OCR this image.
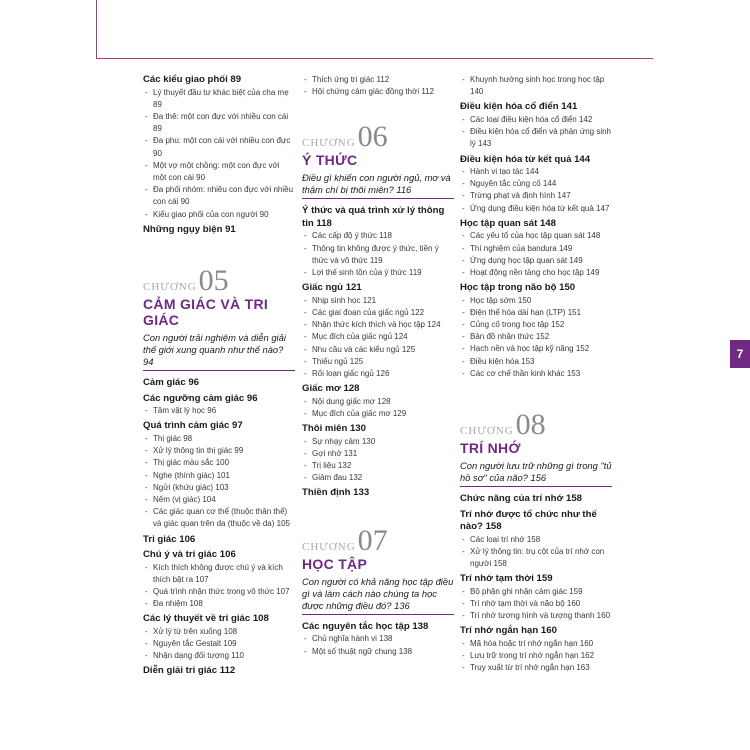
7
Các kiểu giao phối 89
- Lý thuyết đầu tư khác biệt của cha mẹ 89
- Đa thê: một con đực với nhiều con cái 89
- Đa phu: một con cái với nhiều con đực 90
- Một vợ một chồng: một con đực với một con cái 90
- Đa phối nhóm: nhiều con đực với nhiều con cái 90
- Kiểu giao phối của con người 90
Những ngụy biện 91
CHƯƠNG05
CẢM GIÁC VÀ TRI GIÁC
Con người trải nghiệm và diễn giải thế giới xung quanh như thế nào? 94
Cảm giác 96
Các ngưỡng cảm giác 96
- Tâm vật lý học 96
Quá trình cảm giác 97
- Thị giác 98
- Xử lý thông tin thị giác 99
- Thị giác màu sắc 100
- Nghe (thính giác) 101
- Ngửi (khứu giác) 103
- Nếm (vị giác) 104
- Các giác quan cơ thể (thuộc thân thể) và giác quan trên da (thuộc về da) 105
Tri giác 106
Chú ý và tri giác 106
- Kích thích không được chú ý và kích thích bật ra 107
- Quá trình nhận thức trong vô thức 107
- Đa nhiệm 108
Các lý thuyết về tri giác 108
- Xử lý từ trên xuống 108
- Nguyên tắc Gestalt 109
- Nhận dạng đối tượng 110
Diễn giải tri giác 112
- Thích ứng tri giác 112
- Hội chứng cảm giác đồng thời 112
CHƯƠNG06
Ý THỨC
Điều gì khiến con người ngủ, mơ và thậm chí bị thôi miên? 116
Ý thức và quá trình xử lý thông tin 118
- Các cấp độ ý thức 118
- Thông tin không được ý thức, tiền ý thức và vô thức 119
- Lợi thế sinh tồn của ý thức 119
Giấc ngủ 121
- Nhịp sinh học 121
- Các giai đoạn của giấc ngủ 122
- Nhận thức kích thích và học tập 124
- Mục đích của giấc ngủ 124
- Nhu cầu và các kiểu ngủ 125
- Thiếu ngủ 125
- Rối loạn giấc ngủ 126
Giấc mơ 128
- Nội dung giấc mơ 128
- Mục đích của giấc mơ 129
Thôi miên 130
- Sự nhạy cảm 130
- Gợi nhớ 131
- Trị liệu 132
- Giảm đau 132
Thiền định 133
CHƯƠNG07
HỌC TẬP
Con người có khả năng học tập điều gì và làm cách nào chúng ta học được những điều đó? 136
Các nguyên tắc học tập 138
- Chủ nghĩa hành vi 138
- Một số thuật ngữ chung 138
- Khuynh hướng sinh học trong học tập 140
Điều kiện hóa cổ điển 141
- Các loại điều kiện hóa cổ điển 142
- Điều kiện hóa cổ điển và phản ứng sinh lý 143
Điều kiện hóa từ kết quả 144
- Hành vi tạo tác 144
- Nguyên tắc củng cố 144
- Trừng phạt và định hình 147
- Ứng dụng điều kiện hóa từ kết quả 147
Học tập quan sát 148
- Các yếu tố của học tập quan sát 148
- Thí nghiệm của bandura 149
- Ứng dụng học tập quan sát 149
- Hoạt động nền tảng cho học tập 149
Học tập trong não bộ 150
- Học tập sớm 150
- Điện thế hóa dài hạn (LTP) 151
- Củng cố trong học tập 152
- Bản đồ nhận thức 152
- Hạch nền và học tập kỹ năng 152
- Điều kiện hóa 153
- Các cơ chế thần kinh khác 153
CHƯƠNG08
TRÍ NHỚ
Con người lưu trữ những gì trong "tủ hồ sơ" của não? 156
Chức năng của trí nhớ 158
Trí nhớ được tổ chức như thế nào? 158
- Các loại trí nhớ 158
- Xử lý thông tin: trụ cột của trí nhớ con người 158
Trí nhớ tạm thời 159
- Bộ phận ghi nhận cảm giác 159
- Trí nhớ tạm thời và não bộ 160
- Trí nhớ tương hình và tượng thanh 160
Trí nhớ ngắn hạn 160
- Mã hóa hoặc trí nhớ ngắn hạn 160
- Lưu trữ trong trí nhớ ngắn hạn 162
- Truy xuất từ trí nhớ ngắn hạn 163
